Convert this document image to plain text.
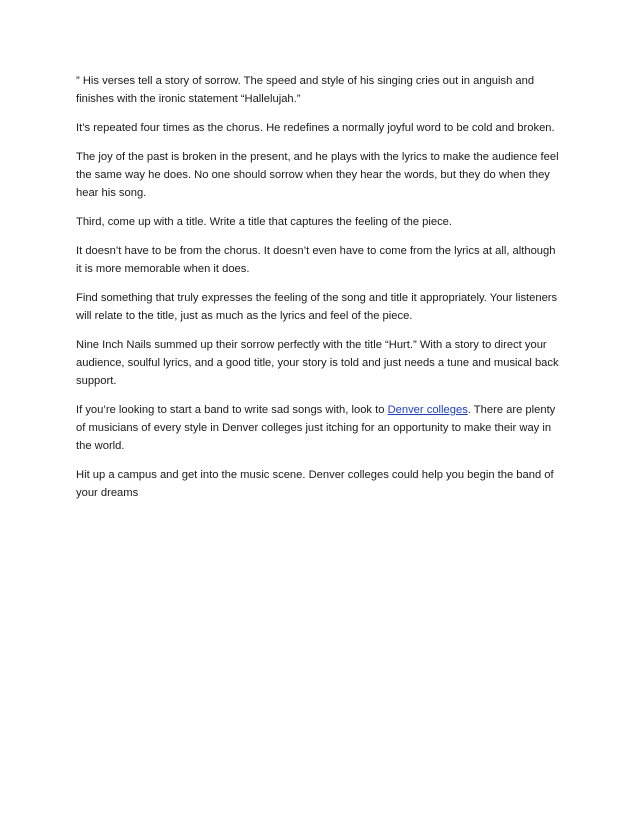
” His verses tell a story of sorrow. The speed and style of his singing cries out in anguish and finishes with the ironic statement “Hallelujah.”

It’s repeated four times as the chorus. He redefines a normally joyful word to be cold and broken.

The joy of the past is broken in the present, and he plays with the lyrics to make the audience feel the same way he does. No one should sorrow when they hear the words, but they do when they hear his song.

Third, come up with a title. Write a title that captures the feeling of the piece.

It doesn’t have to be from the chorus. It doesn’t even have to come from the lyrics at all, although it is more memorable when it does.

Find something that truly expresses the feeling of the song and title it appropriately. Your listeners will relate to the title, just as much as the lyrics and feel of the piece.

Nine Inch Nails summed up their sorrow perfectly with the title “Hurt.” With a story to direct your audience, soulful lyrics, and a good title, your story is told and just needs a tune and musical back support.

If you’re looking to start a band to write sad songs with, look to Denver colleges. There are plenty of musicians of every style in Denver colleges just itching for an opportunity to make their way in the world.

Hit up a campus and get into the music scene. Denver colleges could help you begin the band of your dreams
